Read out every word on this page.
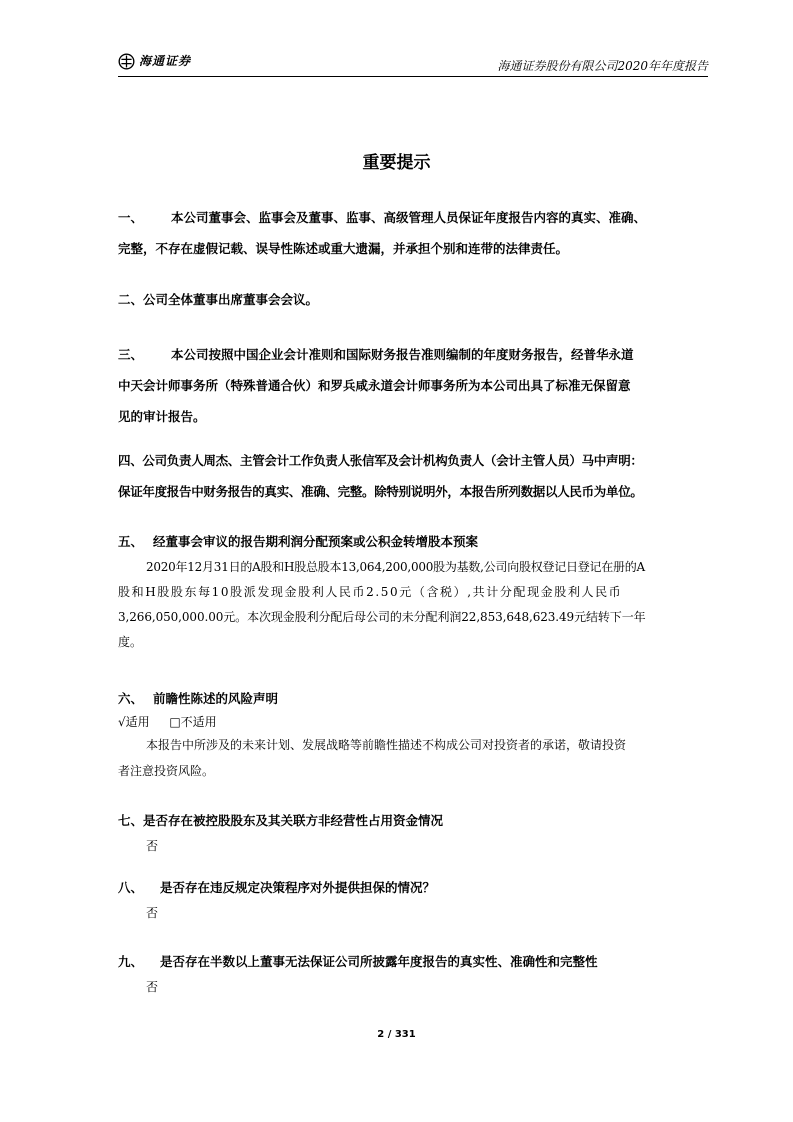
海通证券	海通证券股份有限公司2020年年度报告
重要提示
一、 本公司董事会、监事会及董事、监事、高级管理人员保证年度报告内容的真实、准确、
完整，不存在虚假记载、误导性陈述或重大遗漏，并承担个别和连带的法律责任。
二、公司全体董事出席董事会会议。
三、 本公司按照中国企业会计准则和国际财务报告准则编制的年度财务报告，经普华永道
中天会计师事务所（特殊普通合伙）和罗兵咸永道会计师事务所为本公司出具了标准无保留意
见的审计报告。
四、公司负责人周杰、主管会计工作负责人张信军及会计机构负责人（会计主管人员）马中声明：
保证年度报告中财务报告的真实、准确、完整。除特别说明外，本报告所列数据以人民币为单位。
五、 经董事会审议的报告期利润分配预案或公积金转增股本预案
2020年12月31日的A股和H股总股本13,064,200,000股为基数,公司向股权登记日登记在册的A
股和H股股东每10股派发现金股利人民币2.50元（含税）,共计分配现金股利人民币
3,266,050,000.00元。本次现金股利分配后母公司的未分配利润22,853,648,623.49元结转下一年
度。
六、 前瞻性陈述的风险声明
√适用 □不适用
本报告中所涉及的未来计划、发展战略等前瞻性描述不构成公司对投资者的承诺，敬请投资
者注意投资风险。
七、是否存在被控股股东及其关联方非经营性占用资金情况
否
八、 是否存在违反规定决策程序对外提供担保的情况？
否
九、 是否存在半数以上董事无法保证公司所披露年度报告的真实性、准确性和完整性
否
2 / 331
